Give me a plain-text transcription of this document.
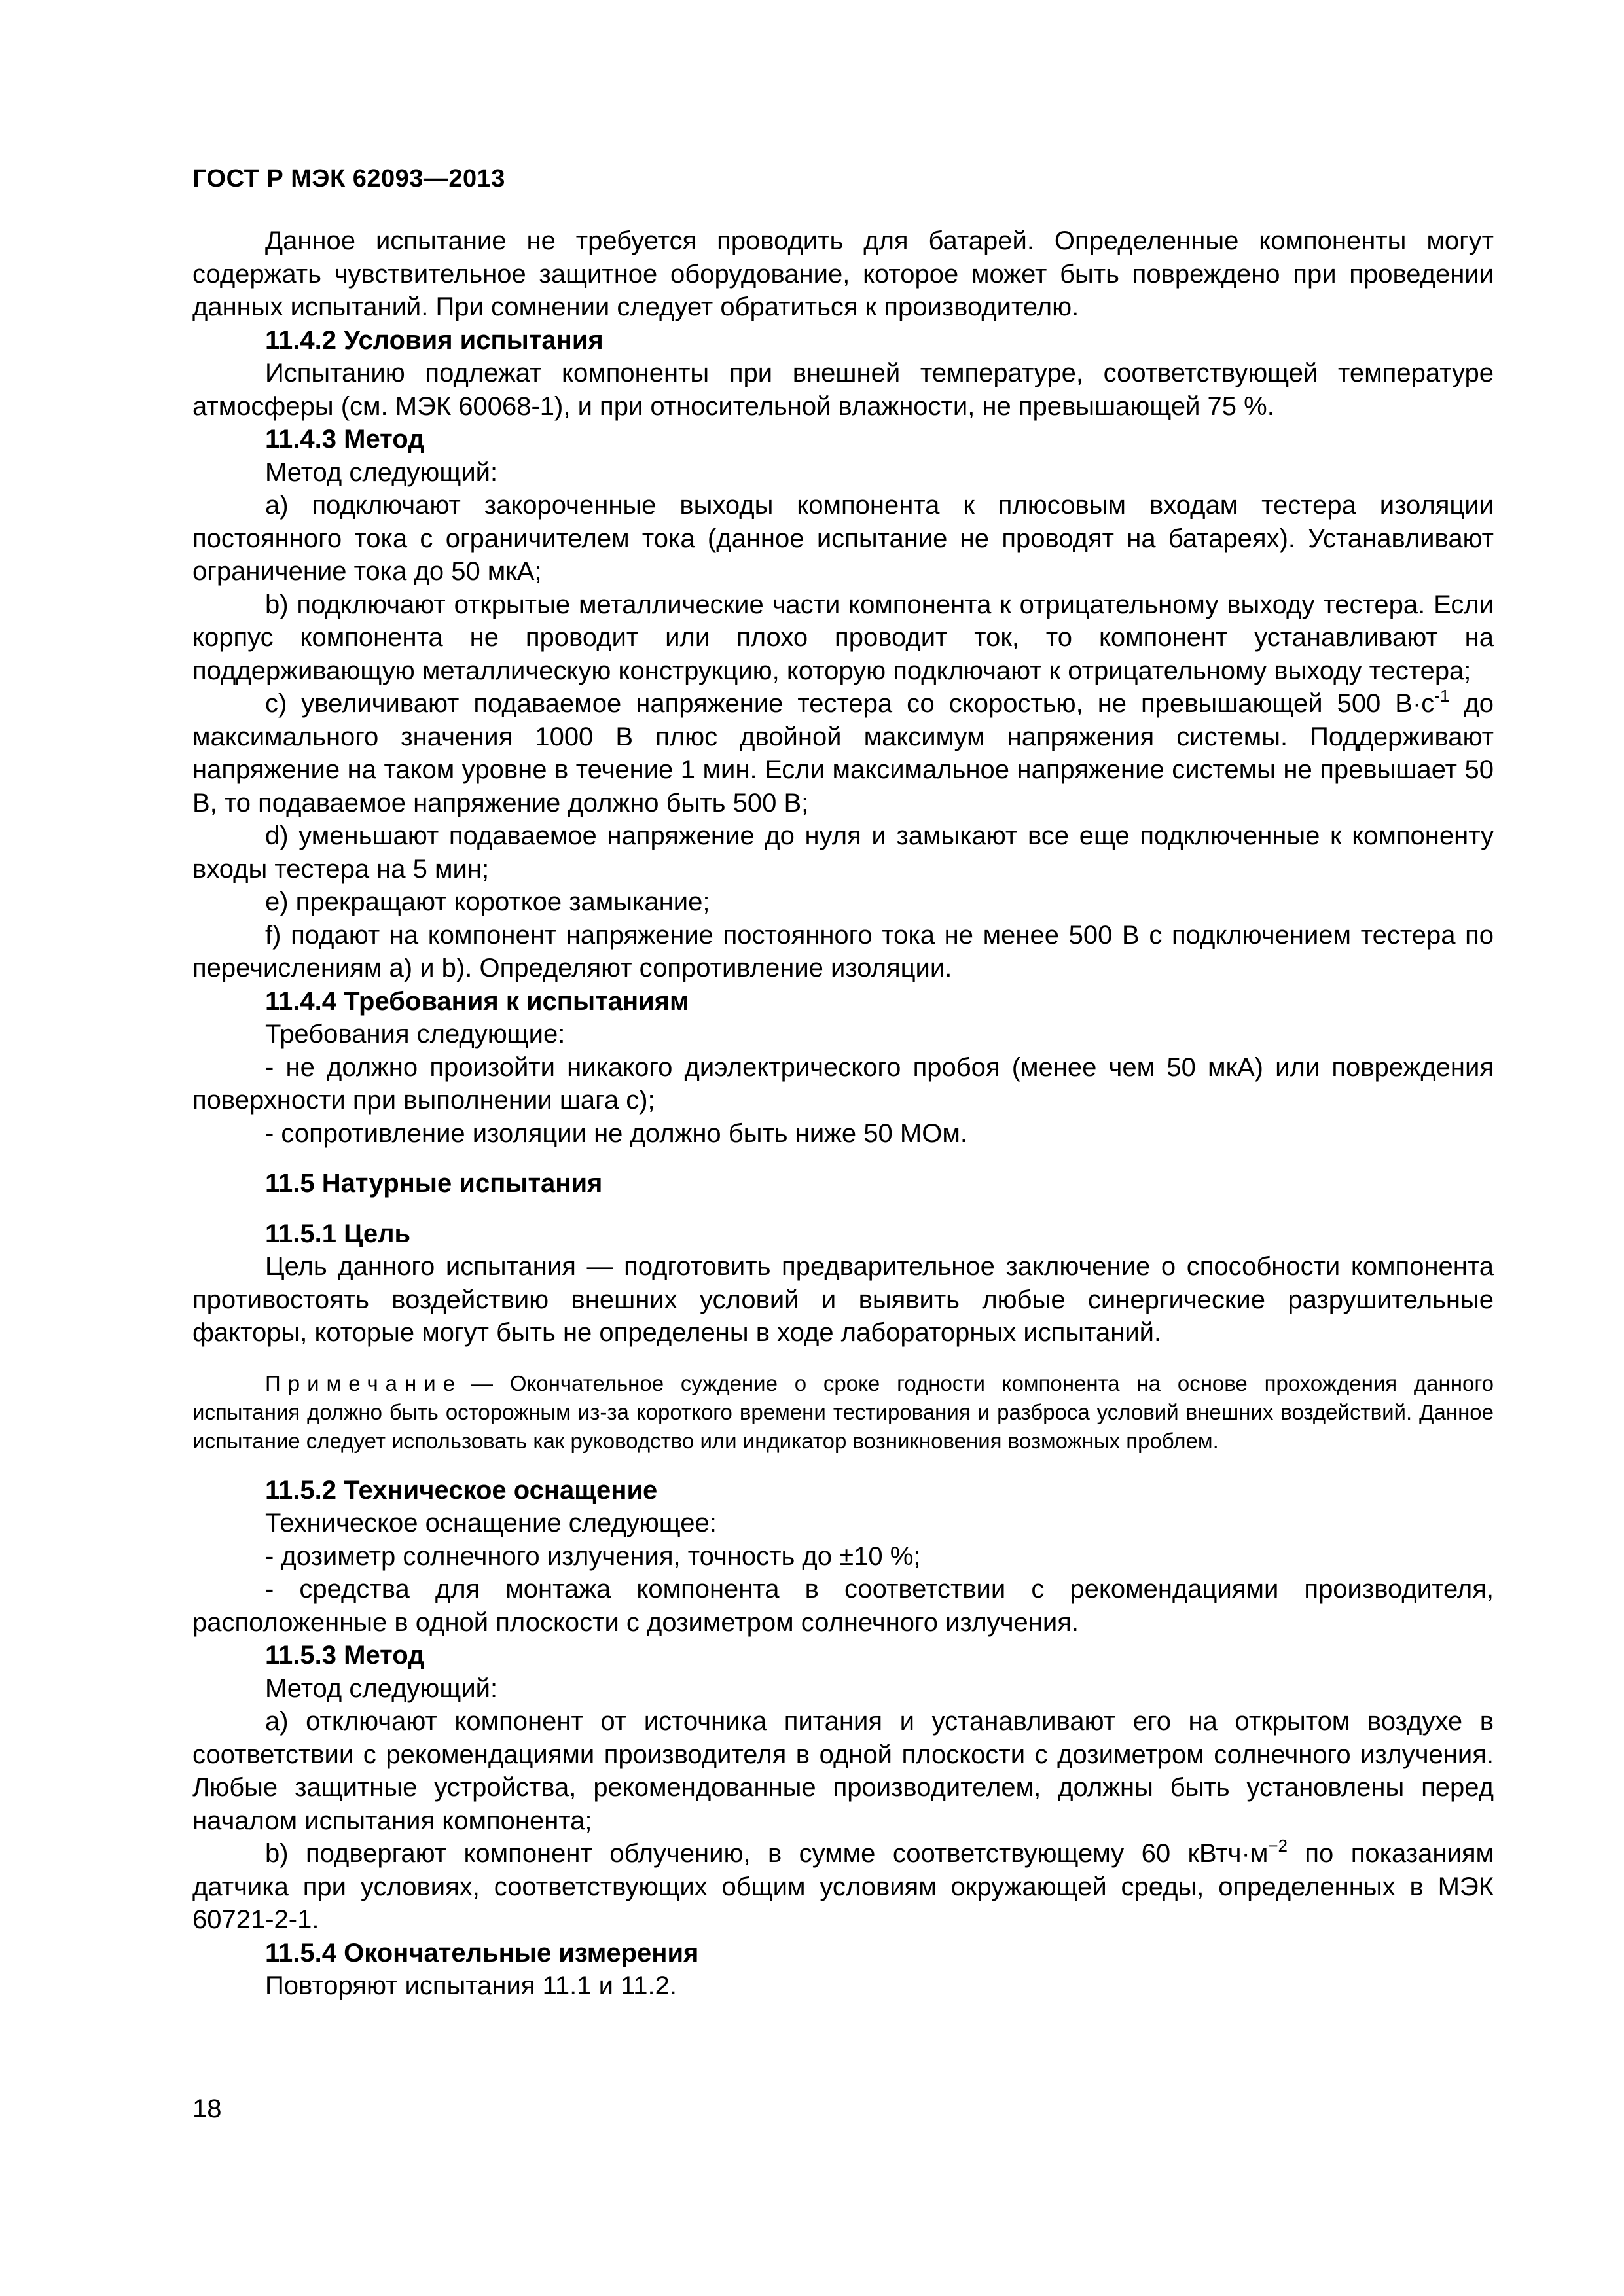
ГОСТ Р МЭК 62093—2013

Данное испытание не требуется проводить для батарей. Определенные компоненты могут содержать чувствительное защитное оборудование, которое может быть повреждено при проведении данных испытаний. При сомнении следует обратиться к производителю.

11.4.2 Условия испытания

Испытанию подлежат компоненты при внешней температуре, соответствующей температуре атмосферы (см. МЭК 60068-1), и при относительной влажности, не превышающей 75 %.

11.4.3 Метод

Метод следующий:

a) подключают закороченные выходы компонента к плюсовым входам тестера изоляции постоянного тока с ограничителем тока (данное испытание не проводят на батареях). Устанавливают ограничение тока до 50 мкА;

b) подключают открытые металлические части компонента к отрицательному выходу тестера. Если корпус компонента не проводит или плохо проводит ток, то компонент устанавливают на поддерживающую металлическую конструкцию, которую подключают к отрицательному выходу тестера;

c) увеличивают подаваемое напряжение тестера со скоростью, не превышающей 500 $В\cdot с^{-1}$ до максимального значения 1000 В плюс двойной максимум напряжения системы. Поддерживают напряжение на таком уровне в течение 1 мин. Если максимальное напряжение системы не превышает 50 В, то подаваемое напряжение должно быть 500 В;

d) уменьшают подаваемое напряжение до нуля и замыкают все еще подключенные к компоненту входы тестера на 5 мин;

e) прекращают короткое замыкание;

f) подают на компонент напряжение постоянного тока не менее 500 В с подключением тестера по перечислениям a) и b). Определяют сопротивление изоляции.

11.4.4 Требования к испытаниям

Требования следующие:

- не должно произойти никакого диэлектрического пробоя (менее чем 50 мкА) или повреждения поверхности при выполнении шага c);

- сопротивление изоляции не должно быть ниже 50 МОм.

11.5 Натурные испытания
11.5.1 Цель

Цель данного испытания — подготовить предварительное заключение о способности компонента противостоять воздействию внешних условий и выявить любые синергические разрушительные факторы, которые могут быть не определены в ходе лабораторных испытаний.

Примечание — Окончательное суждение о сроке годности компонента на основе прохождения данного испытания должно быть осторожным из-за короткого времени тестирования и разброса условий внешних воздействий. Данное испытание следует использовать как руководство или индикатор возникновения возможных проблем.
11.5.2 Техническое оснащение

Техническое оснащение следующее:

- дозиметр солнечного излучения, точность до ±10 %;

- средства для монтажа компонента в соответствии с рекомендациями производителя, расположенные в одной плоскости с дозиметром солнечного излучения.

11.5.3 Метод

Метод следующий:

a) отключают компонент от источника питания и устанавливают его на открытом воздухе в соответствии с рекомендациями производителя в одной плоскости с дозиметром солнечного излучения. Любые защитные устройства, рекомендованные производителем, должны быть установлены перед началом испытания компонента;

b) подвергают компонент облучению, в сумме соответствующему 60 $кВтч\cdot м^{-2}$ по показаниям датчика при условиях, соответствующих общим условиям окружающей среды, определенных в МЭК 60721-2-1.

11.5.4 Окончательные измерения

Повторяют испытания 11.1 и 11.2.

18
